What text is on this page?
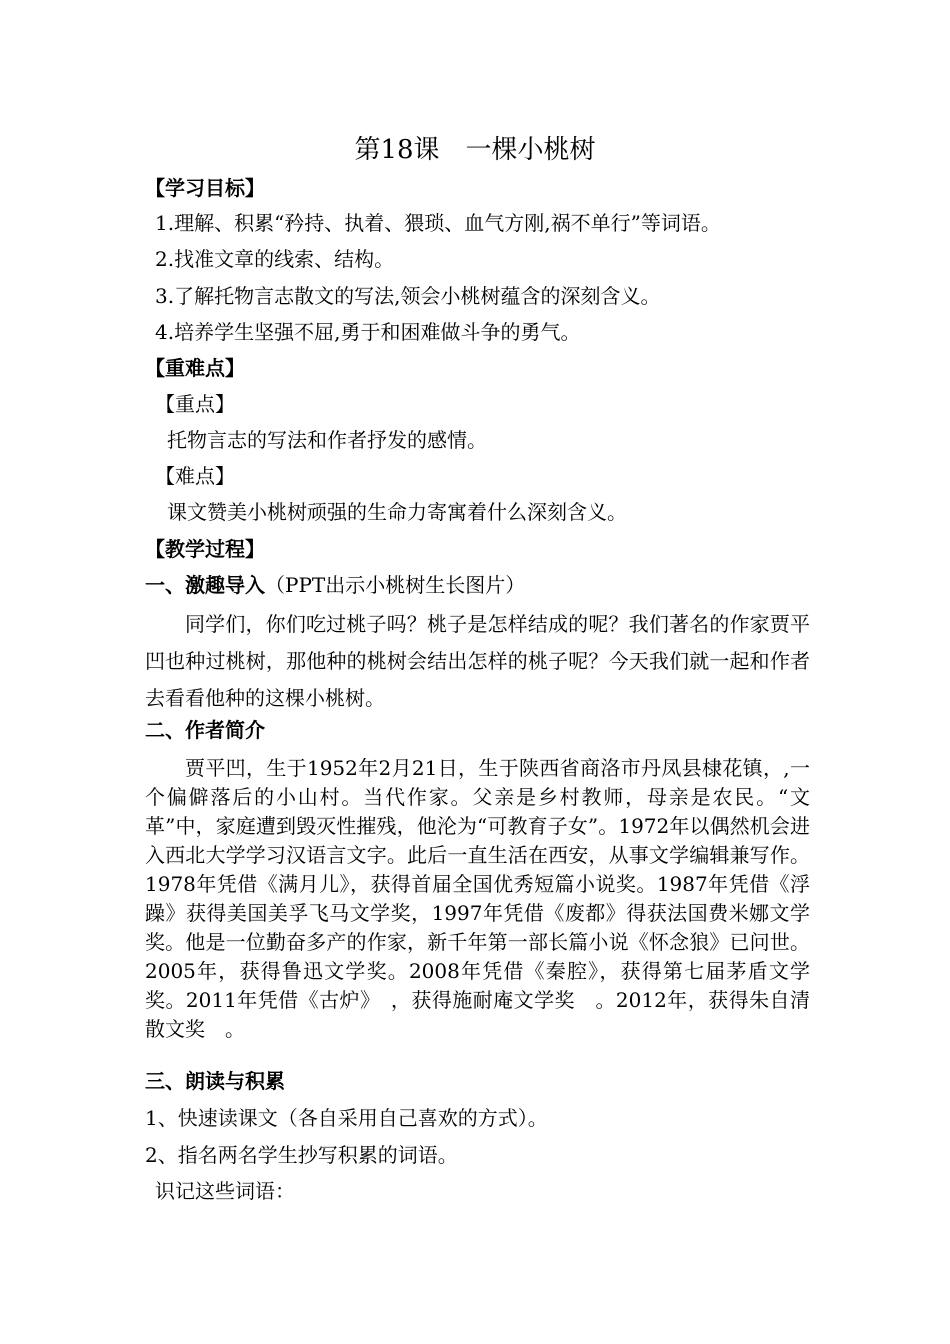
第18课　一棵小桃树
【学习目标】
1.理解、积累“矜持、执着、猥琐、血气方刚,祸不单行”等词语。
2.找准文章的线索、结构。
3.了解托物言志散文的写法,领会小桃树蕴含的深刻含义。
4.培养学生坚强不屈,勇于和困难做斗争的勇气。
【重难点】
【重点】
托物言志的写法和作者抒发的感情。
【难点】
课文赞美小桃树顽强的生命力寄寓着什么深刻含义。
【教学过程】
一、激趣导入（PPT出示小桃树生长图片）
同学们，你们吃过桃子吗？桃子是怎样结成的呢？我们著名的作家贾平凹也种过桃树，那他种的桃树会结出怎样的桃子呢？今天我们就一起和作者去看看他种的这棵小桃树。
二、作者简介
贾平凹，生于1952年2月21日，生于陕西省商洛市丹凤县棣花镇，,一个偏僻落后的小山村。当代作家。父亲是乡村教师，母亲是农民。“文革”中，家庭遭到毁灭性摧残，他沦为“可教育子女”。1972年以偶然机会进入西北大学学习汉语言文字。此后一直生活在西安，从事文学编辑兼写作。1978年凭借《满月儿》，获得首届全国优秀短篇小说奖。1987年凭借《浮躁》获得美国美孚飞马文学奖，1997年凭借《废都》得获法国费米娜文学奖。他是一位勤奋多产的作家，新千年第一部长篇小说《怀念狼》已问世。2005年，获得鲁迅文学奖。2008年凭借《秦腔》，获得第七届茅盾文学奖。2011年凭借《古炉》　，获得施耐庵文学奖　。2012年，获得朱自清散文奖　。
三、朗读与积累
1、快速读课文（各自采用自己喜欢的方式）。
2、指名两名学生抄写积累的词语。
识记这些词语：
